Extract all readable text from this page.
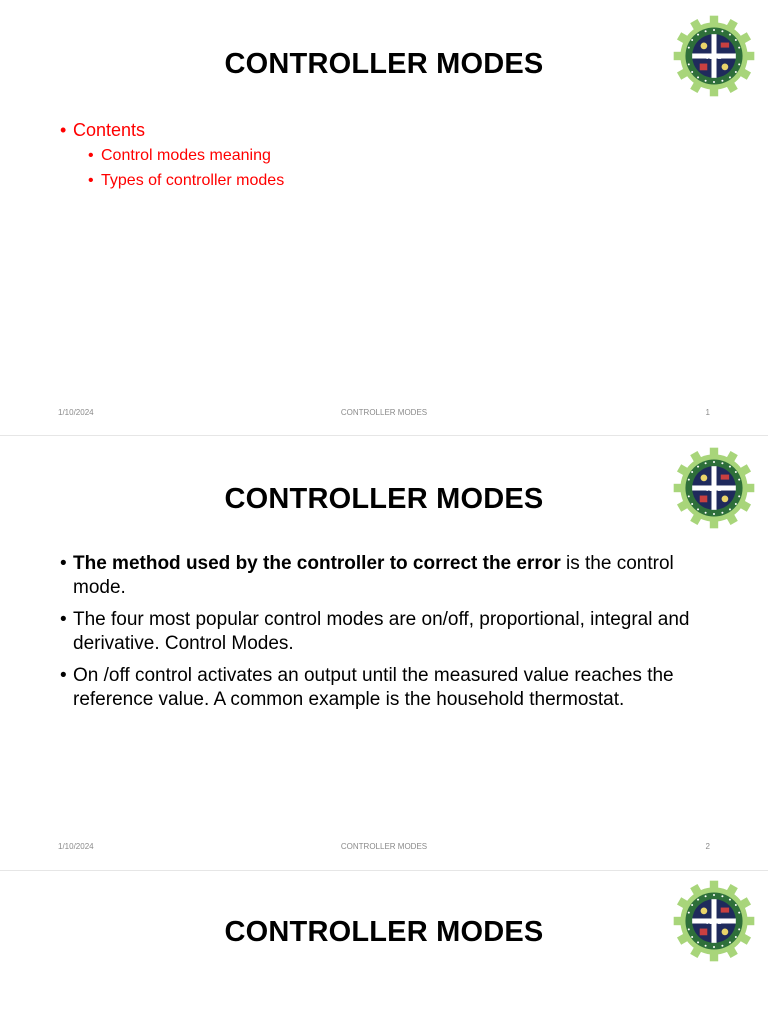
CONTROLLER MODES	ATC
• Contents
• Control modes meaning
• Types of controller modes
1/10/2024	CONTROLLER MODES	1
CONTROLLER MODES	ATC
• The method used by the controller to correct the error is the control mode.
• The four most popular control modes are on/off, proportional, integral and derivative. Control Modes.
• On /off control activates an output until the measured value reaches the reference value. A common example is the household thermostat.
1/10/2024	CONTROLLER MODES	2
CONTROLLER MODES	ATC
